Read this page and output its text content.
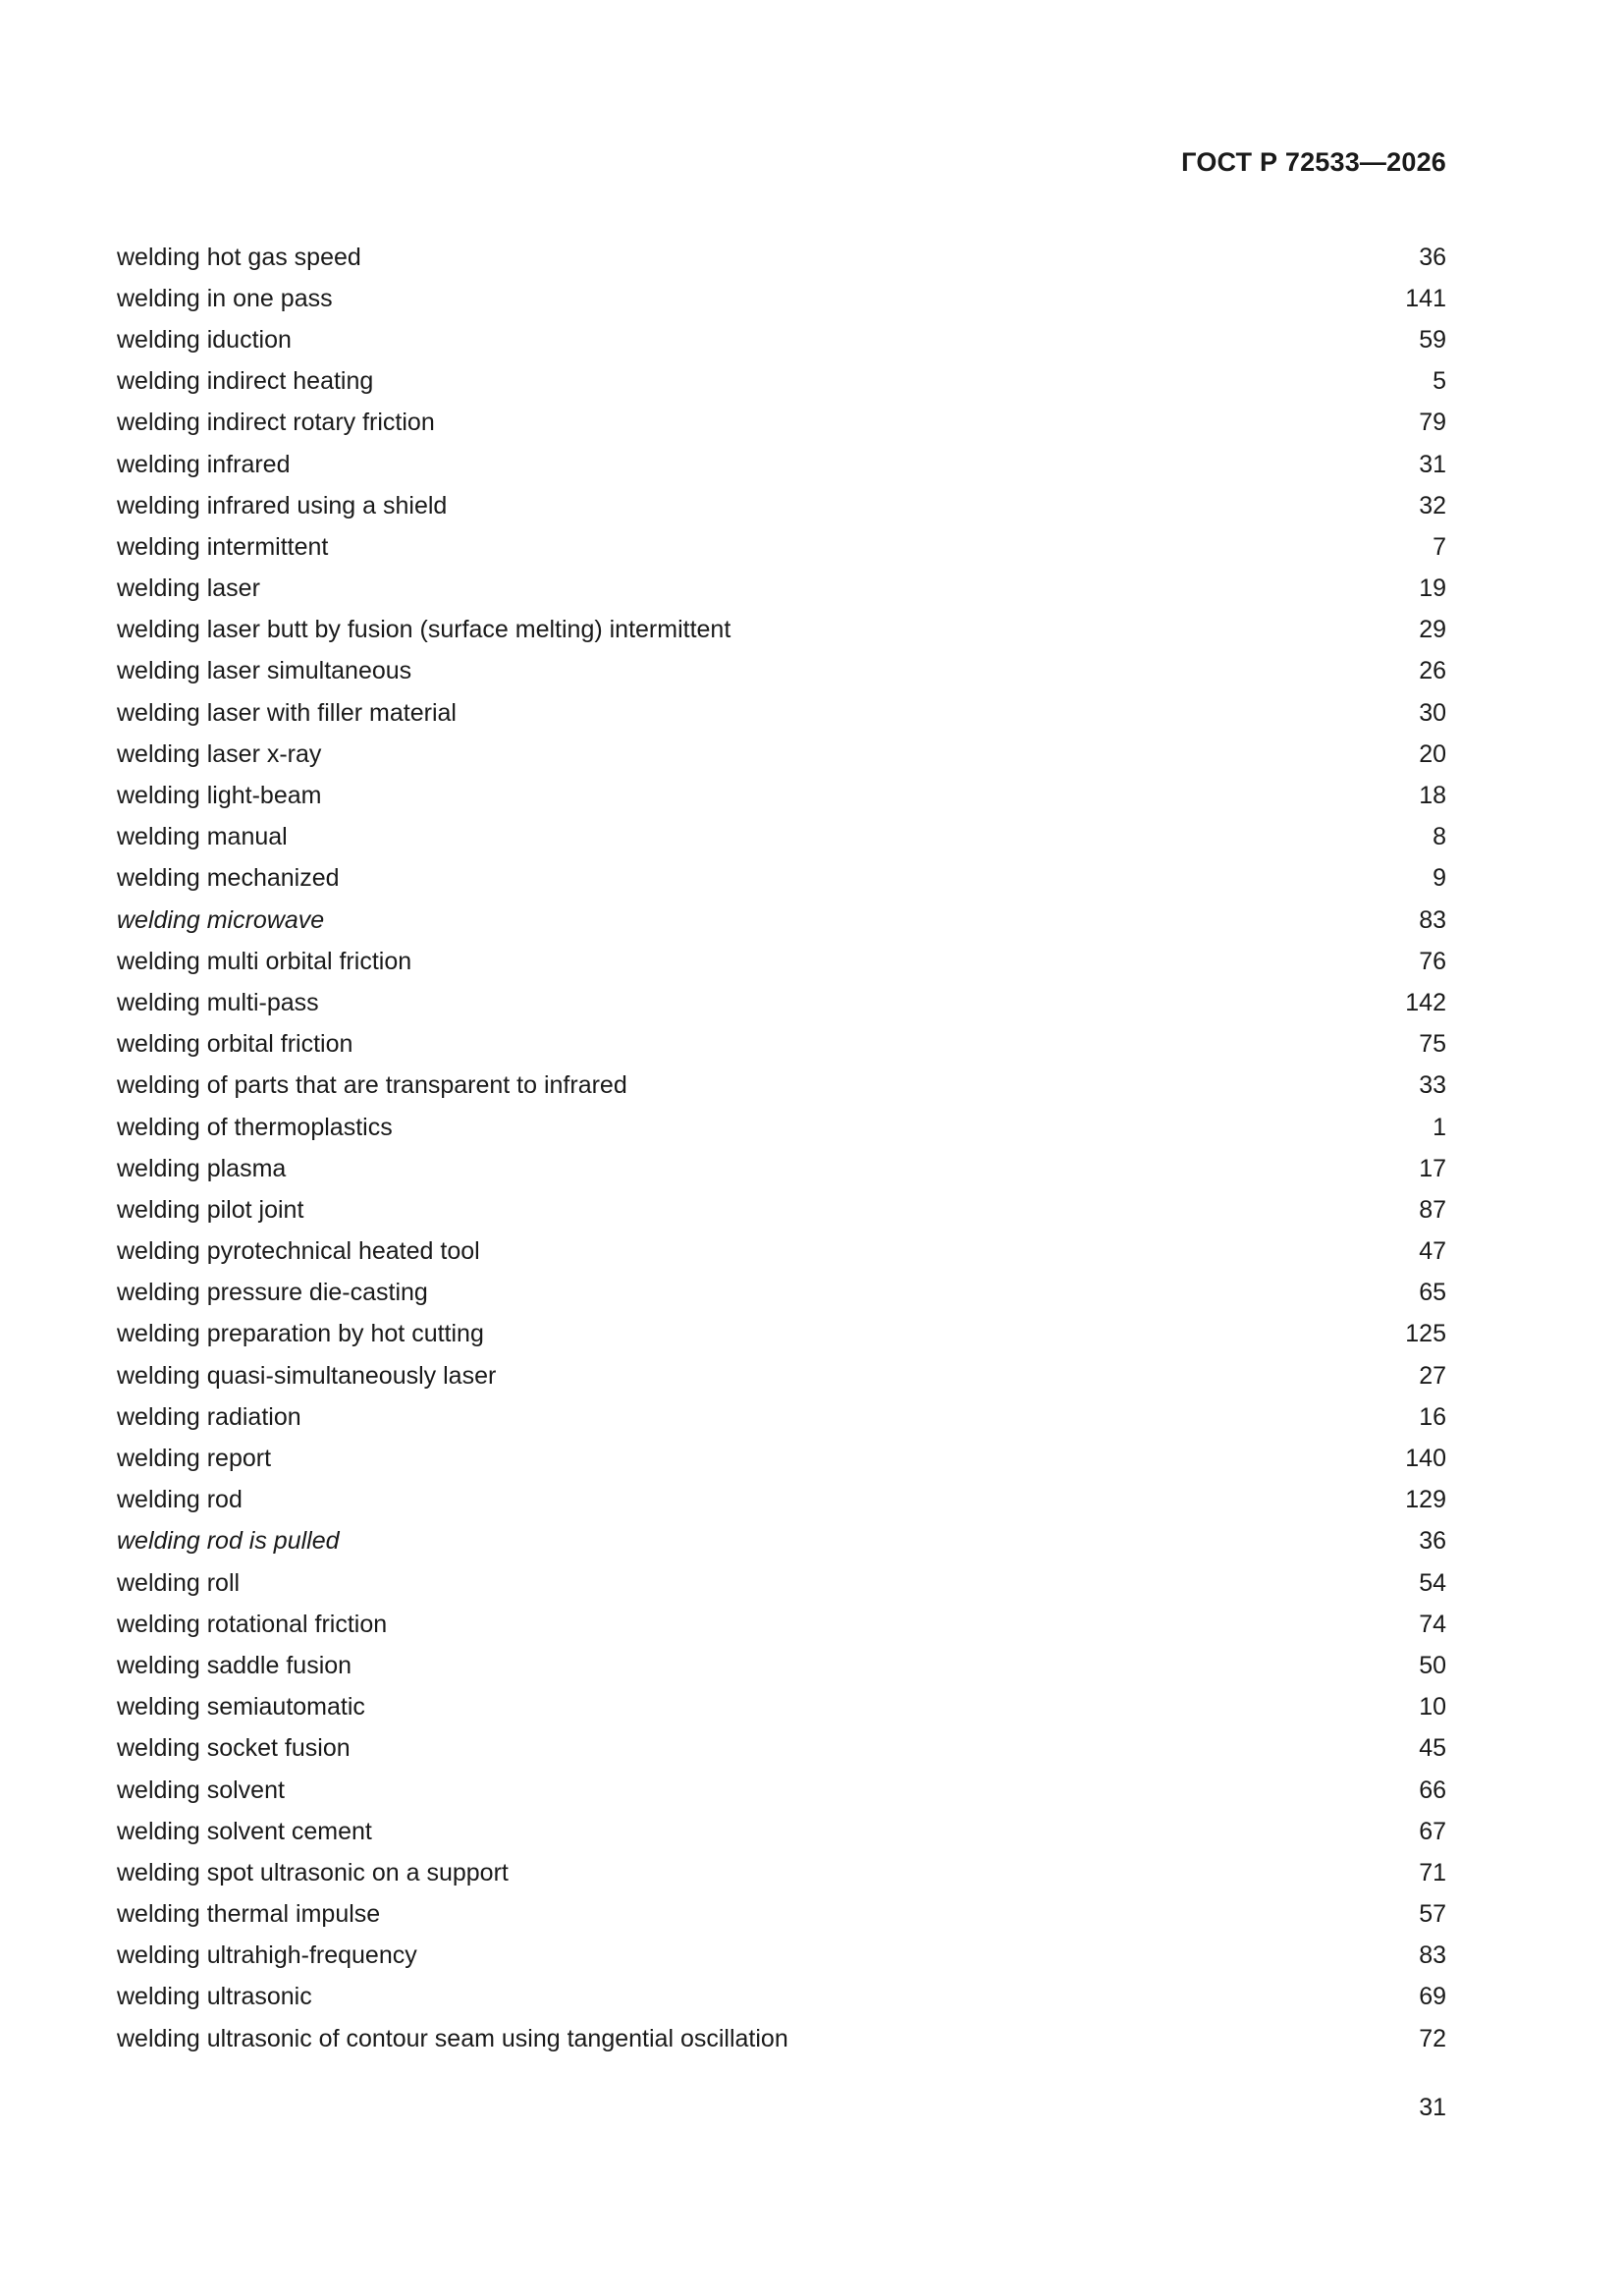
ГОСТ Р 72533—2026
welding hot gas speed	36
welding in one pass	141
welding iduction	59
welding indirect heating	5
welding indirect rotary friction	79
welding infrared	31
welding infrared using a shield	32
welding intermittent	7
welding laser	19
welding laser butt by fusion (surface melting) intermittent	29
welding laser simultaneous	26
welding laser with filler material	30
welding laser x-ray	20
welding light-beam	18
welding manual	8
welding mechanized	9
welding microwave	83
welding multi orbital friction	76
welding multi-pass	142
welding orbital friction	75
welding of parts that are transparent to infrared	33
welding of thermoplastics	1
welding plasma	17
welding pilot joint	87
welding pyrotechnical heated tool	47
welding pressure die-casting	65
welding preparation by hot cutting	125
welding quasi-simultaneously laser	27
welding radiation	16
welding report	140
welding rod	129
welding rod is pulled	36
welding roll	54
welding rotational friction	74
welding saddle fusion	50
welding semiautomatic	10
welding socket fusion	45
welding solvent	66
welding solvent cement	67
welding spot ultrasonic on a support	71
welding thermal impulse	57
welding ultrahigh-frequency	83
welding ultrasonic	69
welding ultrasonic of contour seam using tangential oscillation	72
31
